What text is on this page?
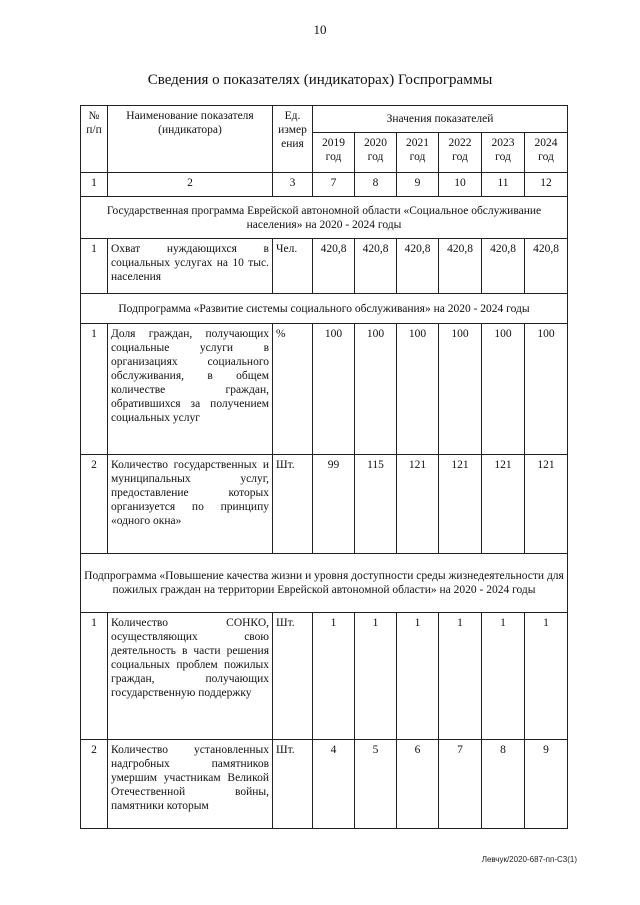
10
Сведения о показателях (индикаторах) Госпрограммы
№ п/п	Наименование показателя (индикатора)	Ед. измер ения	Значения показателей					
			2019 год	2020 год	2021 год	2022 год	2023 год	2024 год
1	2	3	7	8	9	10	11	12
Государственная программа Еврейской автономной области «Социальное обслуживание населения» на 2020 - 2024 годы								
1	Охват нуждающихся в социальных услугах на 10 тыс. населения	Чел.	420,8	420,8	420,8	420,8	420,8	420,8
Подпрограмма «Развитие системы социального обслуживания» на 2020 - 2024 годы								
1	Доля граждан, получающих социальные услуги в организациях социального обслуживания, в общем количестве граждан, обратившихся за получением социальных услуг	%	100	100	100	100	100	100
2	Количество государственных и муниципальных услуг, предоставление которых организуется по принципу «одного окна»	Шт.	99	115	121	121	121	121
Подпрограмма «Повышение качества жизни и уровня доступности среды жизнедеятельности для пожилых граждан на территории Еврейской автономной области» на 2020 - 2024 годы								
1	Количество СОНКО, осуществляющих свою деятельность в части решения социальных проблем пожилых граждан, получающих государственную поддержку	Шт.	1	1	1	1	1	1
2	Количество установленных надгробных памятников умершим участникам Великой Отечественной войны, памятники которым	Шт.	4	5	6	7	8	9
Левчук/2020-687-пп-С3(1)
